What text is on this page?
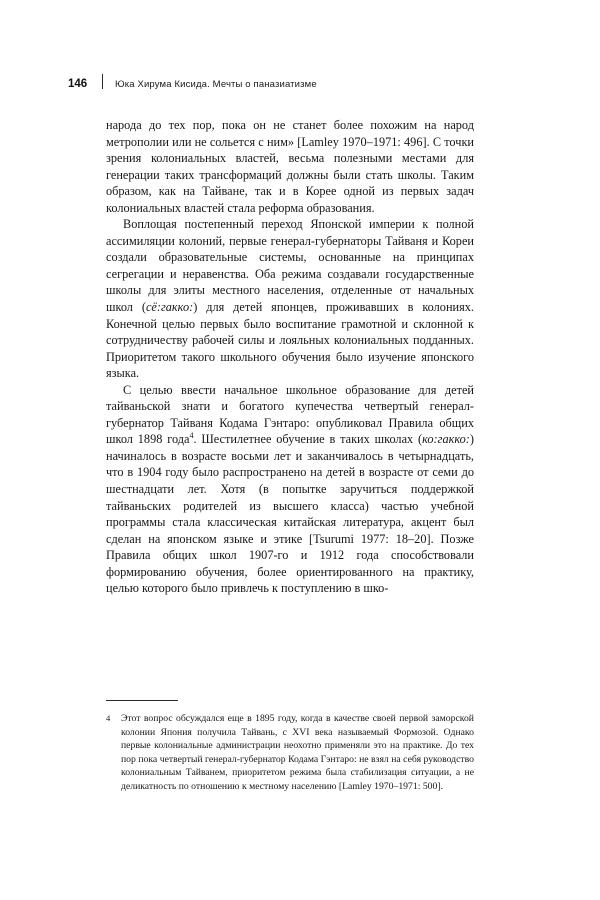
146	Юка Хирума Кисида. Мечты о паназиатизме

народа до тех пор, пока он не станет более похожим на народ метрополии или не сольется с ним» [Lamley 1970–1971: 496]. С точки зрения колониальных властей, весьма полезными местами для генерации таких трансформаций должны были стать школы. Таким образом, как на Тайване, так и в Корее одной из первых задач колониальных властей стала реформа образования.

Воплощая постепенный переход Японской империи к полной ассимиляции колоний, первые генерал-губернаторы Тайваня и Кореи создали образовательные системы, основанные на принципах сегрегации и неравенства. Оба режима создавали государственные школы для элиты местного населения, отделенные от начальных школ (сё:гакко:) для детей японцев, проживавших в колониях. Конечной целью первых было воспитание грамотной и склонной к сотрудничеству рабочей силы и лояльных колониальных подданных. Приоритетом такого школьного обучения было изучение японского языка.

С целью ввести начальное школьное образование для детей тайваньской знати и богатого купечества четвертый генерал-губернатор Тайваня Кодама Гэнтаро: опубликовал Правила общих школ 1898 года$^4$. Шестилетнее обучение в таких школах (ко:гакко:) начиналось в возрасте восьми лет и заканчивалось в четырнадцать, что в 1904 году было распространено на детей в возрасте от семи до шестнадцати лет. Хотя (в попытке заручиться поддержкой тайваньских родителей из высшего класса) частью учебной программы стала классическая китайская литература, акцент был сделан на японском языке и этике [Tsurumi 1977: 18–20]. Позже Правила общих школ 1907-го и 1912 года способствовали формированию обучения, более ориентированного на практику, целью которого было привлечь к поступлению в шко-

4	Этот вопрос обсуждался еще в 1895 году, когда в качестве своей первой заморской колонии Япония получила Тайвань, с XVI века называемый Формозой. Однако первые колониальные администрации неохотно применяли это на практике. До тех пор пока четвертый генерал-губернатор Кодама Гэнтаро: не взял на себя руководство колониальным Тайванем, приоритетом режима была стабилизация ситуации, а не деликатность по отношению к местному населению [Lamley 1970–1971: 500].
